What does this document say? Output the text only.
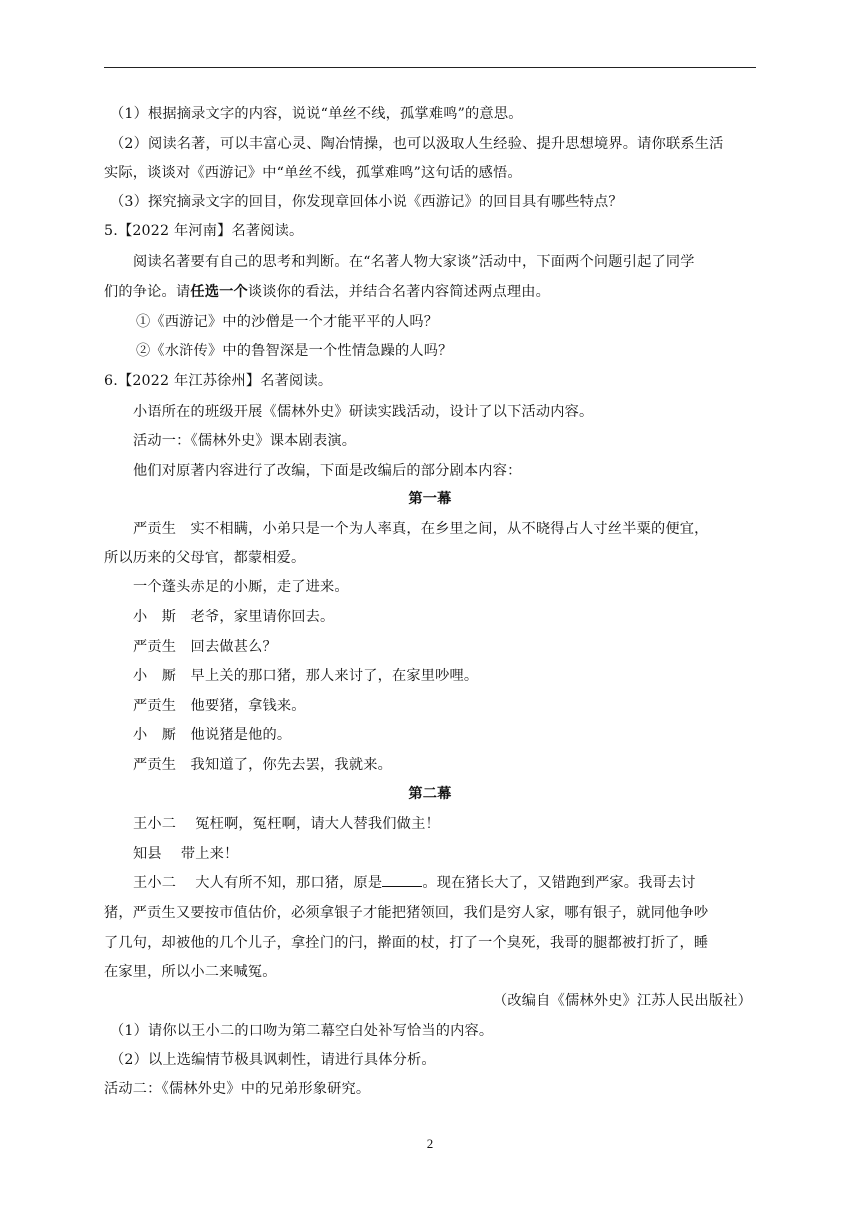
（1）根据摘录文字的内容，说说“单丝不线，孤掌难鸣”的意思。
（2）阅读名著，可以丰富心灵、陶冶情操，也可以汲取人生经验、提升思想境界。请你联系生活
实际，谈谈对《西游记》中“单丝不线，孤掌难鸣”这句话的感悟。
（3）探究摘录文字的回目，你发现章回体小说《西游记》的回目具有哪些特点？
5.【2022 年河南】名著阅读。
阅读名著要有自己的思考和判断。在“名著人物大家谈”活动中，下面两个问题引起了同学
们的争论。请任选一个谈谈你的看法，并结合名著内容简述两点理由。
①《西游记》中的沙僧是一个才能平平的人吗？
②《水浒传》中的鲁智深是一个性情急躁的人吗？
6.【2022 年江苏徐州】名著阅读。
小语所在的班级开展《儒林外史》研读实践活动，设计了以下活动内容。
活动一：《儒林外史》课本剧表演。
他们对原著内容进行了改编，下面是改编后的部分剧本内容：
第一幕
严贡生　实不相瞒，小弟只是一个为人率真，在乡里之间，从不晓得占人寸丝半粟的便宜，
所以历来的父母官，都蒙相爱。
一个蓬头赤足的小厮，走了进来。
小　斯　老爷，家里请你回去。
严贡生　回去做甚么？
小　厮　早上关的那口猪，那人来讨了，在家里吵哩。
严贡生　他要猪，拿钱来。
小　厮　他说猪是他的。
严贡生　我知道了，你先去罢，我就来。
第二幕
王小二　 冤枉啊，冤枉啊，请大人替我们做主！
知县　 带上来！
王小二　 大人有所不知，那口猪，原是	。现在猪长大了，又错跑到严家。我哥去讨
猪，严贡生又要按市值估价，必须拿银子才能把猪领回，我们是穷人家，哪有银子，就同他争吵
了几句，却被他的几个儿子，拿拴门的闩，擀面的杖，打了一个臭死，我哥的腿都被打折了，睡
在家里，所以小二来喊冤。
（改编自《儒林外史》江苏人民出版社）
（1）请你以王小二的口吻为第二幕空白处补写恰当的内容。
（2）以上选编情节极具讽刺性，请进行具体分析。
活动二：《儒林外史》中的兄弟形象研究。
2
